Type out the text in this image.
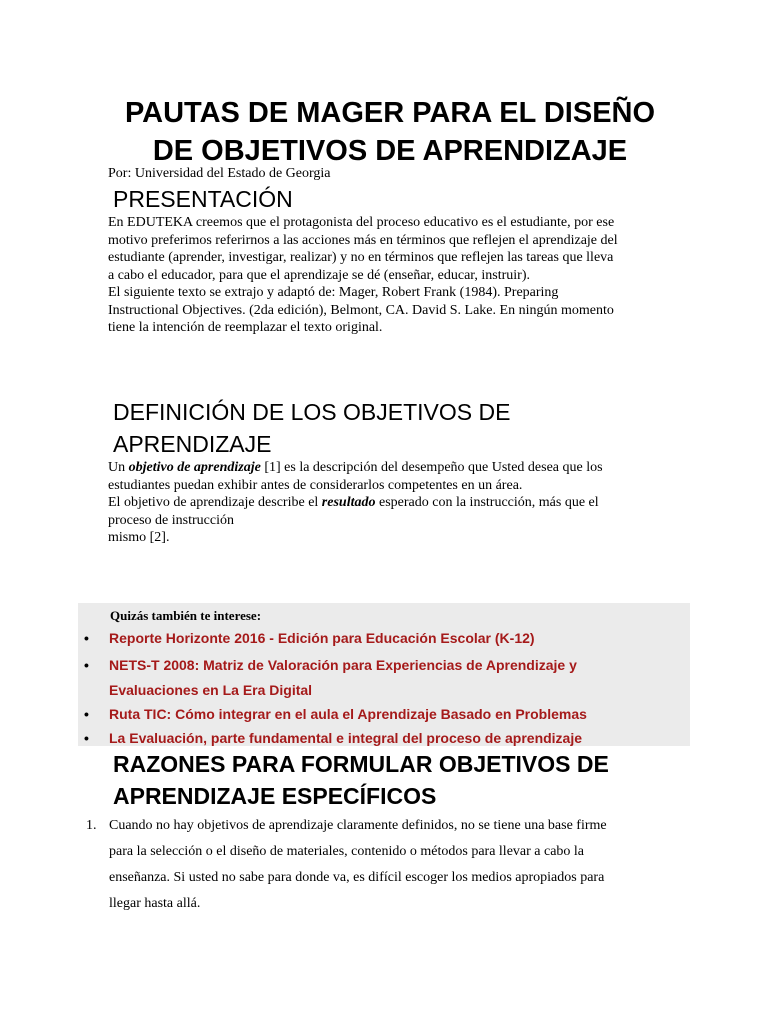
PAUTAS DE MAGER PARA EL DISEÑO
DE OBJETIVOS DE APRENDIZAJE

Por: Universidad del Estado de Georgia

PRESENTACIÓN

En EDUTEKA creemos que el protagonista del proceso educativo es el estudiante, por ese

motivo preferimos referirnos a las acciones más en términos que reflejen el aprendizaje del

estudiante (aprender, investigar, realizar) y no en términos que reflejen las tareas que lleva

a cabo el educador, para que el aprendizaje se dé (enseñar, educar, instruir).

El siguiente texto se extrajo y adaptó de: Mager, Robert Frank (1984). Preparing

Instructional Objectives. (2da edición), Belmont, CA. David S. Lake. En ningún momento

tiene la intención de reemplazar el texto original.

DEFINICIÓN DE LOS OBJETIVOS DE
APRENDIZAJE

Un objetivo de aprendizaje [1] es la descripción del desempeño que Usted desea que los

estudiantes puedan exhibir antes de considerarlos competentes en un área.

El objetivo de aprendizaje describe el resultado esperado con la instrucción, más que el

proceso de instrucción

mismo [2].

Quizás también te interese:

• Reporte Horizonte 2016 - Edición para Educación Escolar (K-12)
• NETS-T 2008: Matriz de Valoración para Experiencias de Aprendizaje y
Evaluaciones en La Era Digital
• Ruta TIC: Cómo integrar en el aula el Aprendizaje Basado en Problemas
• La Evaluación, parte fundamental e integral del proceso de aprendizaje
RAZONES PARA FORMULAR OBJETIVOS DE
APRENDIZAJE ESPECÍFICOS
1. Cuando no hay objetivos de aprendizaje claramente definidos, no se tiene una base firme
para la selección o el diseño de materiales, contenido o métodos para llevar a cabo la
enseñanza. Si usted no sabe para donde va, es difícil escoger los medios apropiados para
llegar hasta allá.
